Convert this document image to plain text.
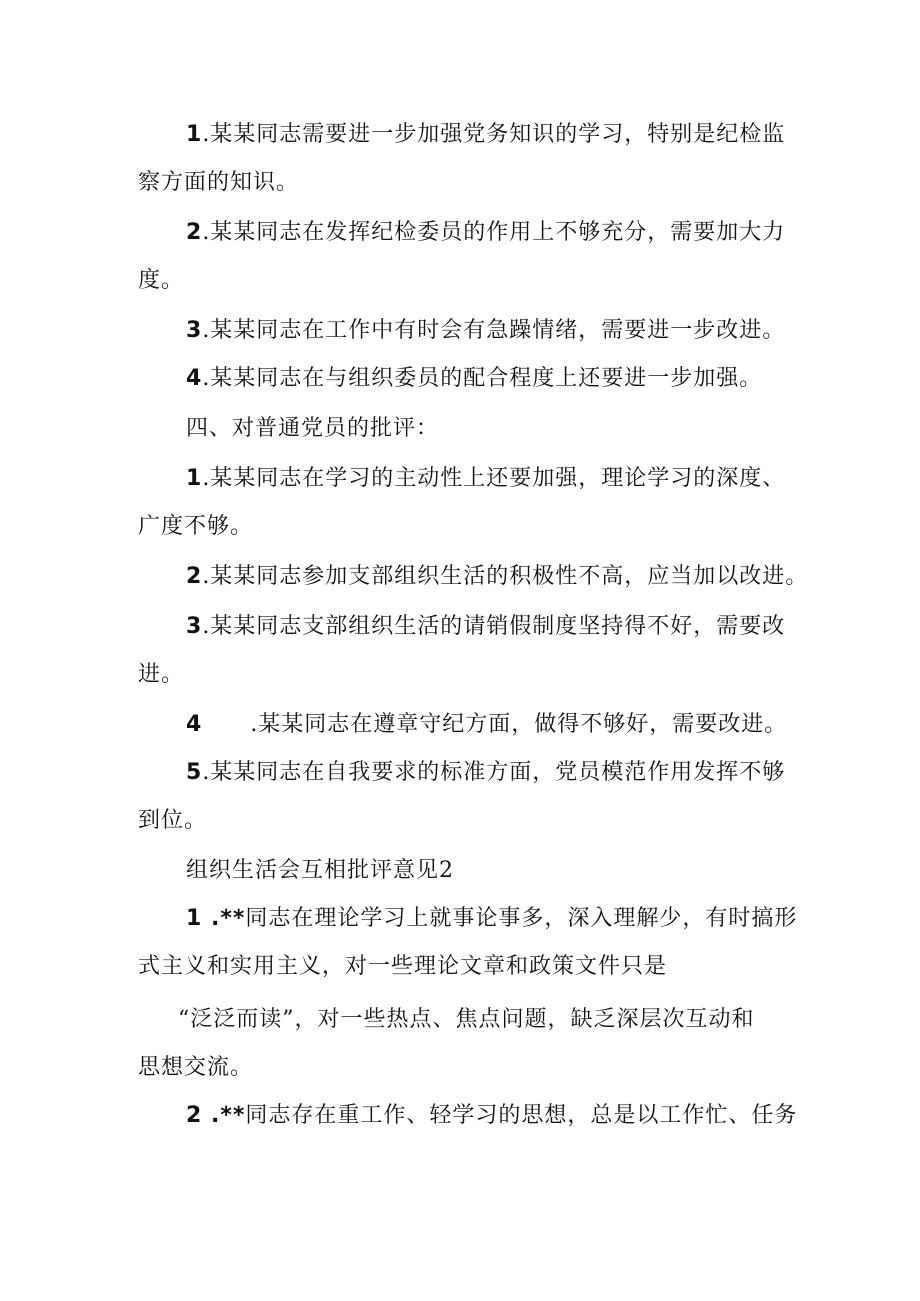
1.某某同志需要进一步加强党务知识的学习，特别是纪检监
察方面的知识。
2.某某同志在发挥纪检委员的作用上不够充分，需要加大力
度。
3.某某同志在工作中有时会有急躁情绪，需要进一步改进。
4.某某同志在与组织委员的配合程度上还要进一步加强。
四、对普通党员的批评：
1.某某同志在学习的主动性上还要加强，理论学习的深度、
广度不够。
2.某某同志参加支部组织生活的积极性不高，应当加以改进。
3.某某同志支部组织生活的请销假制度坚持得不好，需要改
进。
4 .某某同志在遵章守纪方面，做得不够好，需要改进。
5.某某同志在自我要求的标准方面，党员模范作用发挥不够
到位。
组织生活会互相批评意见2
1 .**同志在理论学习上就事论事多，深入理解少，有时搞形
式主义和实用主义，对一些理论文章和政策文件只是
“泛泛而读”，对一些热点、焦点问题，缺乏深层次互动和
思想交流。
2 .**同志存在重工作、轻学习的思想，总是以工作忙、任务
